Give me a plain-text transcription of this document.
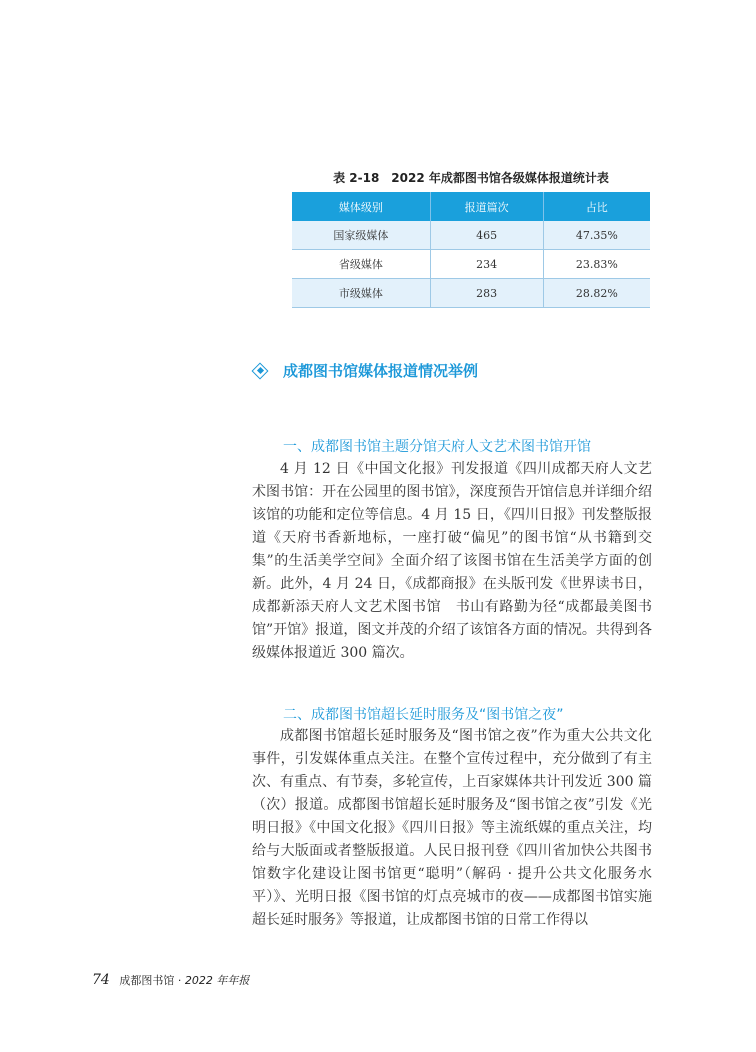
表 2-18　2022 年成都图书馆各级媒体报道统计表
媒体级别	报道篇次	占比
国家级媒体	465	47.35%
省级媒体	234	23.83%
市级媒体	283	28.82%
成都图书馆媒体报道情况举例
一、成都图书馆主题分馆天府人文艺术图书馆开馆

4 月 12 日《中国文化报》刊发报道《四川成都天府人文艺术图书馆：开在公园里的图书馆》，深度预告开馆信息并详细介绍该馆的功能和定位等信息。4 月 15 日，《四川日报》刊发整版报道《天府书香新地标，一座打破“偏见”的图书馆“从书籍到交集”的生活美学空间》全面介绍了该图书馆在生活美学方面的创新。此外，4 月 24 日，《成都商报》在头版刊发《世界读书日，成都新添天府人文艺术图书馆　书山有路勤为径“成都最美图书馆”开馆》报道，图文并茂的介绍了该馆各方面的情况。共得到各级媒体报道近 300 篇次。

二、成都图书馆超长延时服务及“图书馆之夜”

成都图书馆超长延时服务及“图书馆之夜”作为重大公共文化事件，引发媒体重点关注。在整个宣传过程中，充分做到了有主次、有重点、有节奏，多轮宣传，上百家媒体共计刊发近 300 篇（次）报道。成都图书馆超长延时服务及“图书馆之夜”引发《光明日报》《中国文化报》《四川日报》等主流纸媒的重点关注，均给与大版面或者整版报道。人民日报刊登《四川省加快公共图书馆数字化建设让图书馆更“聪明”（解码 · 提升公共文化服务水平）》、光明日报《图书馆的灯点亮城市的夜——成都图书馆实施超长延时服务》等报道，让成都图书馆的日常工作得以

74 成都图书馆 · 2022 年年报
